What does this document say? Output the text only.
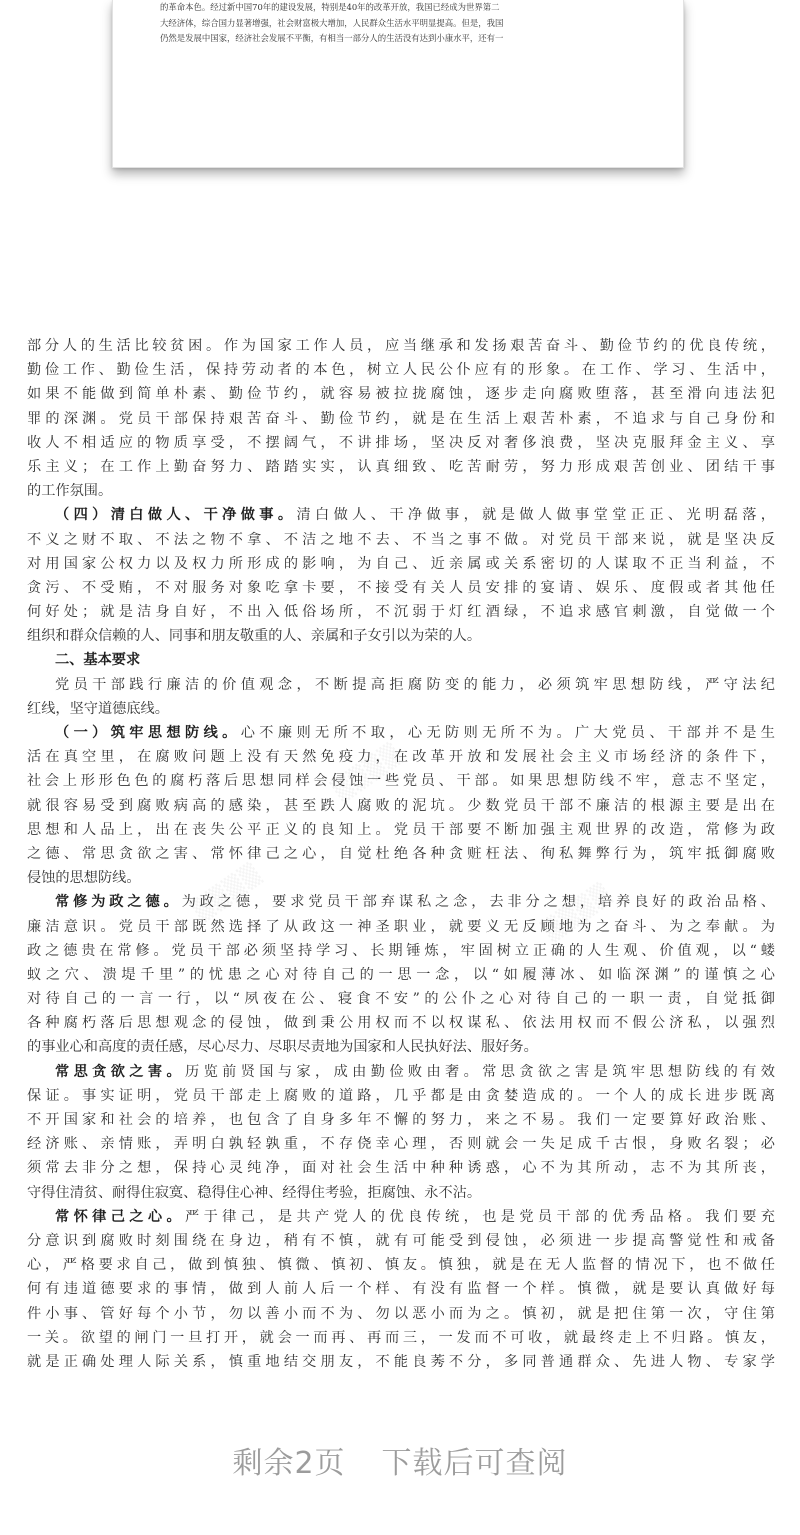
的革命本色。经过新中国70年的建设发展，特别是40年的改革开放，我国已经成为世界第二
大经济体，综合国力显著增强，社会财富极大增加，人民群众生活水平明显提高。但是，我国
仍然是发展中国家，经济社会发展不平衡，有相当一部分人的生活没有达到小康水平，还有一
▒▒▒▒
▒▒▒▒
▒▒▒▒
部分人的生活比较贫困。作为国家工作人员，应当继承和发扬艰苦奋斗、勤俭节约的优良传统，
勤俭工作、勤俭生活，保持劳动者的本色，树立人民公仆应有的形象。在工作、学习、生活中，
如果不能做到简单朴素、勤俭节约，就容易被拉拢腐蚀，逐步走向腐败堕落，甚至滑向违法犯
罪的深渊。党员干部保持艰苦奋斗、勤俭节约，就是在生活上艰苦朴素，不追求与自己身份和
收人不相适应的物质享受，不摆阔气，不讲排场，坚决反对奢侈浪费，坚决克服拜金主义、享
乐主义；在工作上勤奋努力、踏踏实实，认真细致、吃苦耐劳，努力形成艰苦创业、团结干事
的工作氛围。
（四）清白做人、干净做事。清白做人、干净做事，就是做人做事堂堂正正、光明磊落，
不义之财不取、不法之物不拿、不洁之地不去、不当之事不做。对党员干部来说，就是坚决反
对用国家公权力以及权力所形成的影响，为自己、近亲属或关系密切的人谋取不正当利益，不
贪污、不受贿，不对服务对象吃拿卡要，不接受有关人员安排的宴请、娱乐、度假或者其他任
何好处；就是洁身自好，不出入低俗场所，不沉弱于灯红酒绿，不追求感官刺激，自觉做一个
组织和群众信赖的人、同事和朋友敬重的人、亲属和子女引以为荣的人。
二、基本要求
党员干部践行廉洁的价值观念，不断提高拒腐防变的能力，必须筑牢思想防线，严守法纪
红线，坚守道德底线。
（一）筑牢思想防线。心不廉则无所不取，心无防则无所不为。广大党员、干部并不是生
活在真空里，在腐败问题上没有天然免疫力，在改革开放和发展社会主义市场经济的条件下，
社会上形形色色的腐朽落后思想同样会侵蚀一些党员、干部。如果思想防线不牢，意志不坚定，
就很容易受到腐败病高的感染，甚至跌人腐败的泥坑。少数党员干部不廉洁的根源主要是出在
思想和人品上，出在丧失公平正义的良知上。党员干部要不断加强主观世界的改造，常修为政
之德、常思贪欲之害、常怀律己之心，自觉杜绝各种贪赃枉法、徇私舞弊行为，筑牢抵御腐败
侵蚀的思想防线。
常修为政之德。为政之德，要求党员干部弃谋私之念，去非分之想，培养良好的政治品格、
廉洁意识。党员干部既然选择了从政这一神圣职业，就要义无反顾地为之奋斗、为之奉献。为
政之德贵在常修。党员干部必须坚持学习、长期锤炼，牢固树立正确的人生观、价值观，以“蝼
蚁之穴、溃堤千里”的忧患之心对待自己的一思一念，以“如履薄冰、如临深渊”的谨慎之心
对待自己的一言一行，以“夙夜在公、寝食不安”的公仆之心对待自己的一职一责，自觉抵御
各种腐朽落后思想观念的侵蚀，做到秉公用权而不以权谋私、依法用权而不假公济私，以强烈
的事业心和高度的责任感，尽心尽力、尽职尽责地为国家和人民执好法、服好务。
常思贪欲之害。历览前贤国与家，成由勤俭败由奢。常思贪欲之害是筑牢思想防线的有效
保证。事实证明，党员干部走上腐败的道路，几乎都是由贪婪造成的。一个人的成长进步既离
不开国家和社会的培养，也包含了自身多年不懈的努力，来之不易。我们一定要算好政治账、
经济账、亲情账，弄明白孰轻孰重，不存侥幸心理，否则就会一失足成千古恨，身败名裂；必
须常去非分之想，保持心灵纯净，面对社会生活中种种诱惑，心不为其所动，志不为其所丧，
守得住清贫、耐得住寂寞、稳得住心神、经得住考验，拒腐蚀、永不沾。
常怀律己之心。严于律己，是共产党人的优良传统，也是党员干部的优秀品格。我们要充
分意识到腐败时刻围绕在身边，稍有不慎，就有可能受到侵蚀，必须进一步提高警觉性和戒备
心，严格要求自己，做到慎独、慎微、慎初、慎友。慎独，就是在无人监督的情况下，也不做任
何有违道德要求的事情，做到人前人后一个样、有没有监督一个样。慎微，就是要认真做好每
件小事、管好每个小节，勿以善小而不为、勿以恶小而为之。慎初，就是把住第一次，守住第
一关。欲望的闸门一旦打开，就会一而再、再而三，一发而不可收，就最终走上不归路。慎友，
就是正确处理人际关系，慎重地结交朋友，不能良莠不分，多同普通群众、先进人物、专家学
剩余2页 下载后可查阅
